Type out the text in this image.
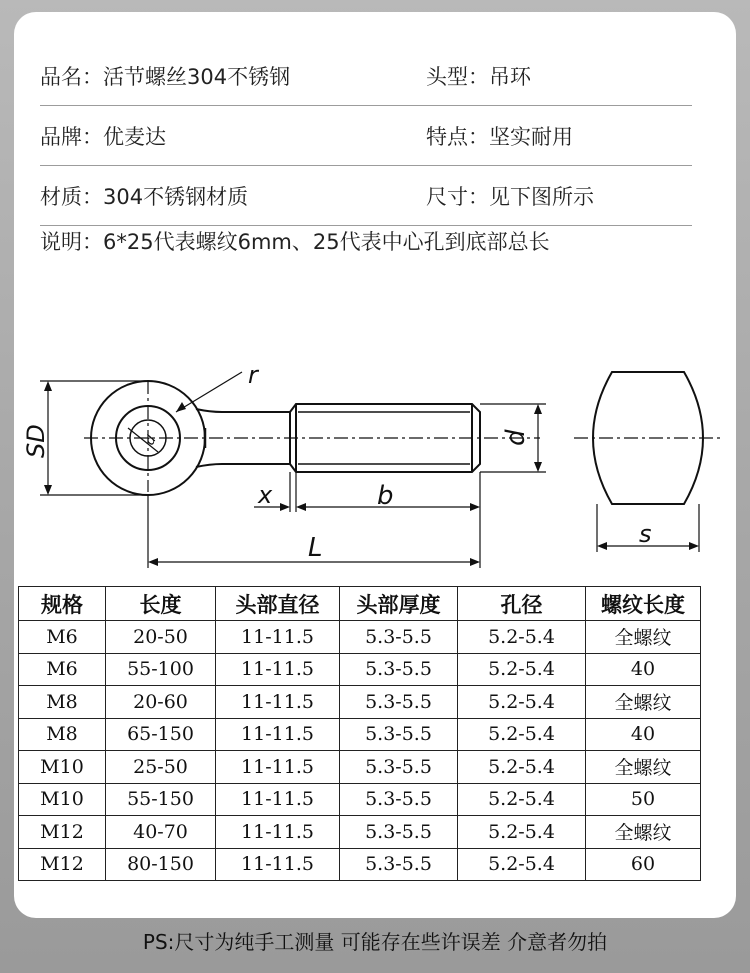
品名：活节螺丝304不锈钢	头型：吊环
品牌：优麦达	特点：坚实耐用
材质：304不锈钢材质	尺寸：见下图所示
说明：6*25代表螺纹6mm、25代表中心孔到底部总长
r
SD	d	d
x	b
L	s
规格	长度	头部直径	头部厚度	孔径	螺纹长度
M6	20-50	11-11.5	5.3-5.5	5.2-5.4	全螺纹
M6	55-100	11-11.5	5.3-5.5	5.2-5.4	40
M8	20-60	11-11.5	5.3-5.5	5.2-5.4	全螺纹
M8	65-150	11-11.5	5.3-5.5	5.2-5.4	40
M10	25-50	11-11.5	5.3-5.5	5.2-5.4	全螺纹
M10	55-150	11-11.5	5.3-5.5	5.2-5.4	50
M12	40-70	11-11.5	5.3-5.5	5.2-5.4	全螺纹
M12	80-150	11-11.5	5.3-5.5	5.2-5.4	60
PS:尺寸为纯手工测量 可能存在些许误差 介意者勿拍
